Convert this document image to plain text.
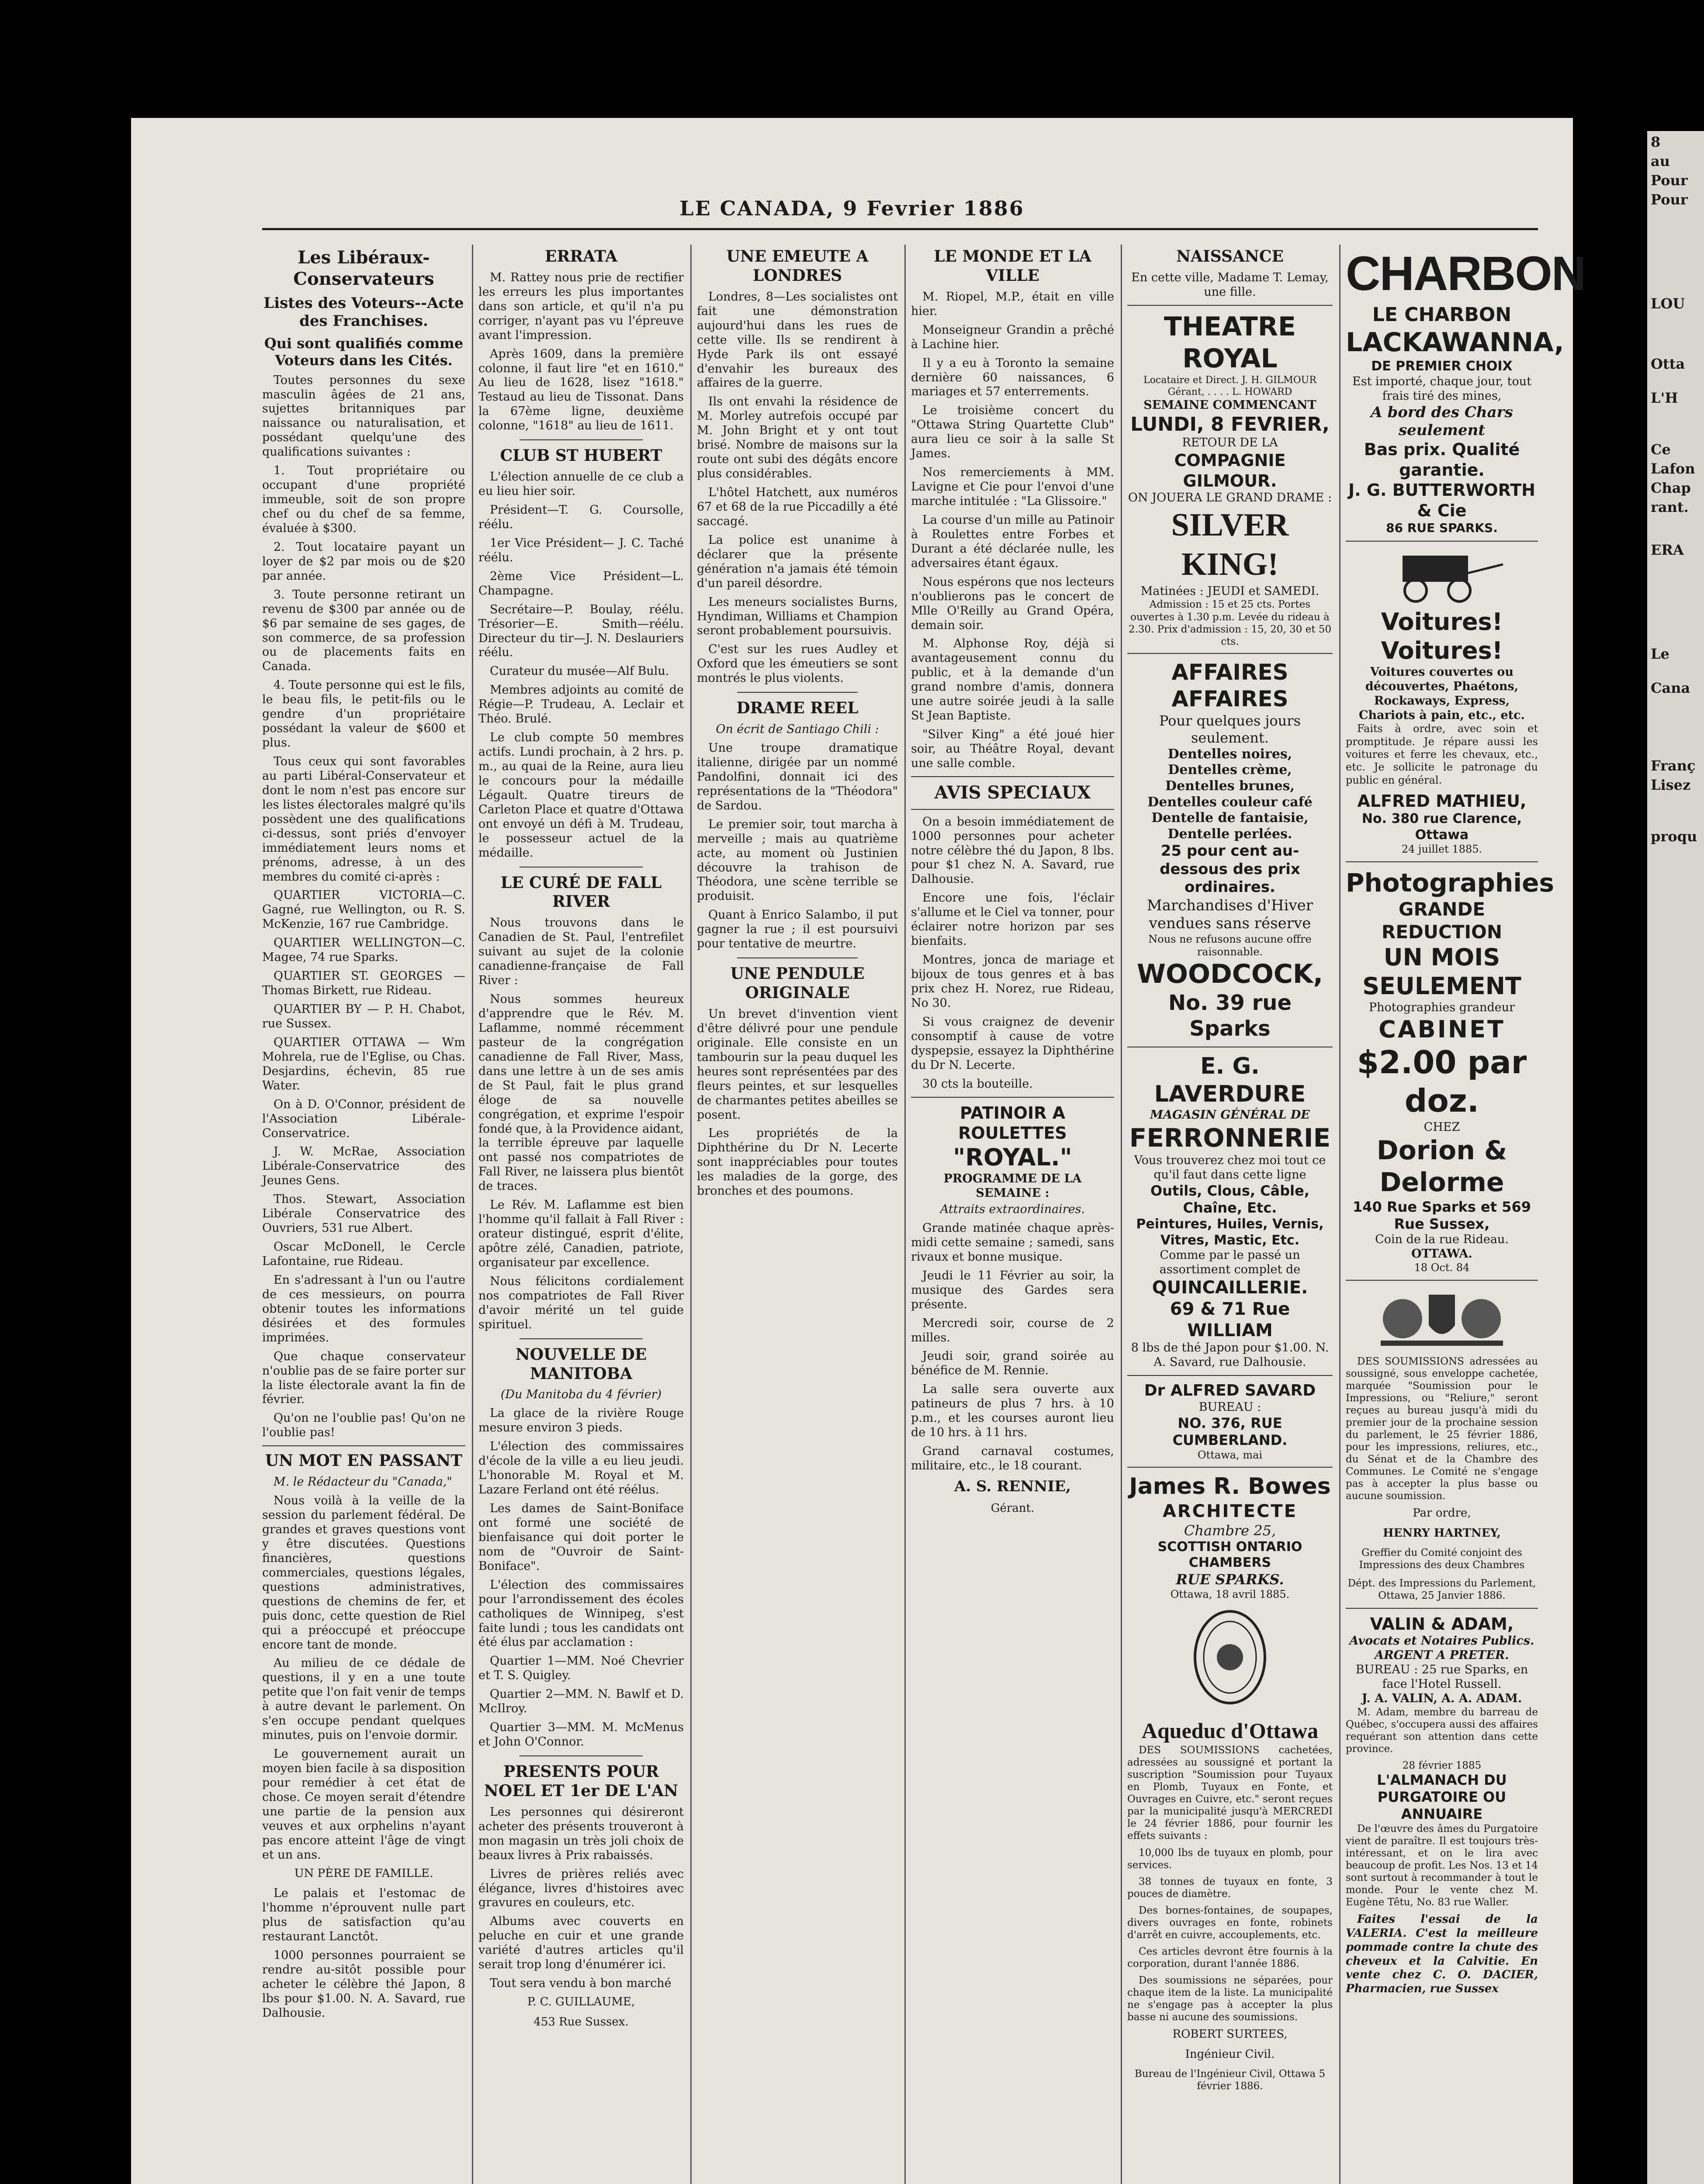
LE CANADA, 9 Fevrier 1886
Les Libéraux-Conservateurs
Listes des Voteurs--Acte des Franchises.
Qui sont qualifiés comme Voteurs dans les Cités.
Toutes personnes du sexe masculin âgées de 21 ans, sujettes britanniques par naissance ou naturalisation, et possédant quelqu'une des qualifications suivantes :
1. Tout propriétaire ou occupant d'une propriété immeuble, soit de son propre chef ou du chef de sa femme, évaluée à $300.
2. Tout locataire payant un loyer de $2 par mois ou de $20 par année.
3. Toute personne retirant un revenu de $300 par année ou de $6 par semaine de ses gages, de son commerce, de sa profession ou de placements faits en Canada.
4. Toute personne qui est le fils, le beau fils, le petit-fils ou le gendre d'un propriétaire possédant la valeur de $600 et plus.
Tous ceux qui sont favorables au parti Libéral-Conservateur et dont le nom n'est pas encore sur les listes électorales malgré qu'ils possèdent une des qualifications ci-dessus, sont priés d'envoyer immédiatement leurs noms et prénoms, adresse, à un des membres du comité ci-après :
QUARTIER VICTORIA—C. Gagné, rue Wellington, ou R. S. McKenzie, 167 rue Cambridge.
QUARTIER WELLINGTON—C. Magee, 74 rue Sparks.
QUARTIER ST. GEORGES — Thomas Birkett, rue Rideau.
QUARTIER BY — P. H. Chabot, rue Sussex.
QUARTIER OTTAWA — Wm Mohrela, rue de l'Eglise, ou Chas. Desjardins, échevin, 85 rue Water.
On à D. O'Connor, président de l'Association Libérale-Conservatrice.
J. W. McRae, Association Libérale-Conservatrice des Jeunes Gens.
Thos. Stewart, Association Libérale Conservatrice des Ouvriers, 531 rue Albert.
Oscar McDonell, le Cercle Lafontaine, rue Rideau.
En s'adressant à l'un ou l'autre de ces messieurs, on pourra obtenir toutes les informations désirées et des formules imprimées.
Que chaque conservateur n'oublie pas de se faire porter sur la liste électorale avant la fin de février.
Qu'on ne l'oublie pas! Qu'on ne l'oublie pas!
UN MOT EN PASSANT
M. le Rédacteur du "Canada,"
Nous voilà à la veille de la session du parlement fédéral. De grandes et graves questions vont y être discutées. Questions financières, questions commerciales, questions légales, questions administratives, questions de chemins de fer, et puis donc, cette question de Riel qui a préoccupé et préoccupe encore tant de monde.
Au milieu de ce dédale de questions, il y en a une toute petite que l'on fait venir de temps à autre devant le parlement. On s'en occupe pendant quelques minutes, puis on l'envoie dormir.
Le gouvernement aurait un moyen bien facile à sa disposition pour remédier à cet état de chose. Ce moyen serait d'étendre une partie de la pension aux veuves et aux orphelins n'ayant pas encore atteint l'âge de vingt et un ans.
UN PÈRE DE FAMILLE.
Le palais et l'estomac de l'homme n'éprouvent nulle part plus de satisfaction qu'au restaurant Lanctôt.
1000 personnes pourraient se rendre au-sitôt possible pour acheter le célèbre thé Japon, 8 lbs pour $1.00. N. A. Savard, rue Dalhousie.
ERRATA
M. Rattey nous prie de rectifier les erreurs les plus importantes dans son article, et qu'il n'a pu corriger, n'ayant pas vu l'épreuve avant l'impression.
Après 1609, dans la première colonne, il faut lire "et en 1610." Au lieu de 1628, lisez "1618." Testaud au lieu de Tissonat. Dans la 67ème ligne, deuxième colonne, "1618" au lieu de 1611.
CLUB ST HUBERT
L'élection annuelle de ce club a eu lieu hier soir.
Président—T. G. Coursolle, réélu.
1er Vice Président— J. C. Taché réélu.
2ème Vice Président—L. Champagne.
Secrétaire—P. Boulay, réélu. Trésorier—E. Smith—réélu. Directeur du tir—J. N. Deslauriers réélu.
Curateur du musée—Alf Bulu.
Membres adjoints au comité de Régie—P. Trudeau, A. Leclair et Théo. Brulé.
Le club compte 50 membres actifs. Lundi prochain, à 2 hrs. p. m., au quai de la Reine, aura lieu le concours pour la médaille Légault. Quatre tireurs de Carleton Place et quatre d'Ottawa ont envoyé un défi à M. Trudeau, le possesseur actuel de la médaille.
LE CURÉ DE FALL RIVER
Nous trouvons dans le Canadien de St. Paul, l'entrefilet suivant au sujet de la colonie canadienne-française de Fall River :
Nous sommes heureux d'apprendre que le Rév. M. Laflamme, nommé récemment pasteur de la congrégation canadienne de Fall River, Mass, dans une lettre à un de ses amis de St Paul, fait le plus grand éloge de sa nouvelle congrégation, et exprime l'espoir fondé que, à la Providence aidant, la terrible épreuve par laquelle ont passé nos compatriotes de Fall River, ne laissera plus bientôt de traces.
Le Rév. M. Laflamme est bien l'homme qu'il fallait à Fall River : orateur distingué, esprit d'élite, apôtre zélé, Canadien, patriote, organisateur par excellence.
Nous félicitons cordialement nos compatriotes de Fall River d'avoir mérité un tel guide spirituel.
NOUVELLE DE MANITOBA
(Du Manitoba du 4 février)
La glace de la rivière Rouge mesure environ 3 pieds.
L'élection des commissaires d'école de la ville a eu lieu jeudi. L'honorable M. Royal et M. Lazare Ferland ont été réélus.
Les dames de Saint-Boniface ont formé une société de bienfaisance qui doit porter le nom de "Ouvroir de Saint-Boniface".
L'élection des commissaires pour l'arrondissement des écoles catholiques de Winnipeg, s'est faite lundi ; tous les candidats ont été élus par acclamation :
Quartier 1—MM. Noé Chevrier et T. S. Quigley.
Quartier 2—MM. N. Bawlf et D. McIlroy.
Quartier 3—MM. M. McMenus et John O'Connor.
PRESENTS POUR NOEL ET 1er DE L'AN
Les personnes qui désireront acheter des présents trouveront à mon magasin un très joli choix de beaux livres à Prix rabaissés.
Livres de prières reliés avec élégance, livres d'histoires avec gravures en couleurs, etc.
Albums avec couverts en peluche en cuir et une grande variété d'autres articles qu'il serait trop long d'énumérer ici.
Tout sera vendu à bon marché
P. C. GUILLAUME,
453 Rue Sussex.
UNE EMEUTE A LONDRES
Londres, 8—Les socialistes ont fait une démonstration aujourd'hui dans les rues de cette ville. Ils se rendirent à Hyde Park ils ont essayé d'envahir les bureaux des affaires de la guerre.
Ils ont envahi la résidence de M. Morley autrefois occupé par M. John Bright et y ont tout brisé. Nombre de maisons sur la route ont subi des dégâts encore plus considérables.
L'hôtel Hatchett, aux numéros 67 et 68 de la rue Piccadilly a été saccagé.
La police est unanime à déclarer que la présente génération n'a jamais été témoin d'un pareil désordre.
Les meneurs socialistes Burns, Hyndiman, Williams et Champion seront probablement poursuivis.
C'est sur les rues Audley et Oxford que les émeutiers se sont montrés le plus violents.
DRAME REEL
On écrit de Santiago Chili :
Une troupe dramatique italienne, dirigée par un nommé Pandolfini, donnait ici des représentations de la "Théodora" de Sardou.
Le premier soir, tout marcha à merveille ; mais au quatrième acte, au moment où Justinien découvre la trahison de Théodora, une scène terrible se produisit.
Quant à Enrico Salambo, il put gagner la rue ; il est poursuivi pour tentative de meurtre.
UNE PENDULE ORIGINALE
Un brevet d'invention vient d'être délivré pour une pendule originale. Elle consiste en un tambourin sur la peau duquel les heures sont représentées par des fleurs peintes, et sur lesquelles de charmantes petites abeilles se posent.
Les propriétés de la Diphthérine du Dr N. Lecerte sont inappréciables pour toutes les maladies de la gorge, des bronches et des poumons.
LE MONDE ET LA VILLE
M. Riopel, M.P., était en ville hier.
Monseigneur Grandin a prêché à Lachine hier.
Il y a eu à Toronto la semaine dernière 60 naissances, 6 mariages et 57 enterrements.
Le troisième concert du "Ottawa String Quartette Club" aura lieu ce soir à la salle St James.
Nos remerciements à MM. Lavigne et Cie pour l'envoi d'une marche intitulée : "La Glissoire."
La course d'un mille au Patinoir à Roulettes entre Forbes et Durant a été déclarée nulle, les adversaires étant égaux.
Nous espérons que nos lecteurs n'oublierons pas le concert de Mlle O'Reilly au Grand Opéra, demain soir.
M. Alphonse Roy, déjà si avantageusement connu du public, et à la demande d'un grand nombre d'amis, donnera une autre soirée jeudi à la salle St Jean Baptiste.
"Silver King" a été joué hier soir, au Théâtre Royal, devant une salle comble.
AVIS SPECIAUX
On a besoin immédiatement de 1000 personnes pour acheter notre célèbre thé du Japon, 8 lbs. pour $1 chez N. A. Savard, rue Dalhousie.
Encore une fois, l'éclair s'allume et le Ciel va tonner, pour éclairer notre horizon par ses bienfaits.
Montres, jonca de mariage et bijoux de tous genres et à bas prix chez H. Norez, rue Rideau, No 30.
Si vous craignez de devenir consomptif à cause de votre dyspepsie, essayez la Diphthérine du Dr N. Lecerte.
30 cts la bouteille.
PATINOIR A ROULETTES
"ROYAL."
PROGRAMME DE LA SEMAINE :
Attraits extraordinaires.
Grande matinée chaque après-midi cette semaine ; samedi, sans rivaux et bonne musique.
Jeudi le 11 Février au soir, la musique des Gardes sera présente.
Mercredi soir, course de 2 milles.
Jeudi soir, grand soirée au bénéfice de M. Rennie.
La salle sera ouverte aux patineurs de plus 7 hrs. à 10 p.m., et les courses auront lieu de 10 hrs. à 11 hrs.
Grand carnaval costumes, militaire, etc., le 18 courant.
A. S. RENNIE,
Gérant.
NAISSANCE
En cette ville, Madame T. Lemay, une fille.
THEATRE ROYAL
Locataire et Direct. J. H. GILMOUR Gérant, . . . . L. HOWARD
SEMAINE COMMENCANT
LUNDI, 8 FEVRIER,
RETOUR DE LA
COMPAGNIE GILMOUR.
ON JOUERA LE GRAND DRAME :
SILVER KING!
Matinées : JEUDI et SAMEDI.
Admission : 15 et 25 cts. Portes ouvertes à 1.30 p.m. Levée du rideau à 2.30. Prix d'admission : 15, 20, 30 et 50 cts.
AFFAIRES AFFAIRES
Pour quelques jours seulement.
Dentelles noires,
Dentelles crème,
Dentelles brunes,
Dentelles couleur café
Dentelle de fantaisie,
Dentelle perlées.
25 pour cent au-dessous des prix ordinaires.
Marchandises d'Hiver vendues sans réserve
Nous ne refusons aucune offre raisonnable.
WOODCOCK,
No. 39 rue Sparks
E. G. LAVERDURE
MAGASIN GÉNÉRAL DE
FERRONNERIE
Vous trouverez chez moi tout ce qu'il faut dans cette ligne
Outils, Clous, Câble, Chaîne, Etc.
Peintures, Huiles, Vernis, Vitres, Mastic, Etc.
Comme par le passé un assortiment complet de
QUINCAILLERIE.
69 & 71 Rue WILLIAM
8 lbs de thé Japon pour $1.00. N. A. Savard, rue Dalhousie.
Dr ALFRED SAVARD
BUREAU :
NO. 376, RUE CUMBERLAND.
Ottawa, mai
James R. Bowes
ARCHITECTE
Chambre 25,
SCOTTISH ONTARIO CHAMBERS
RUE SPARKS.
Ottawa, 18 avril 1885.
Aqueduc d'Ottawa
DES SOUMISSIONS cachetées, adressées au soussigné et portant la suscription "Soumission pour Tuyaux en Plomb, Tuyaux en Fonte, et Ouvrages en Cuivre, etc." seront reçues par la municipalité jusqu'à MERCREDI le 24 février 1886, pour fournir les effets suivants :
10,000 lbs de tuyaux en plomb, pour services.
38 tonnes de tuyaux en fonte, 3 pouces de diamètre.
Des bornes-fontaines, de soupapes, divers ouvrages en fonte, robinets d'arrêt en cuivre, accouplements, etc.
Ces articles devront être fournis à la corporation, durant l'année 1886.
Des soumissions ne séparées, pour chaque item de la liste. La municipalité ne s'engage pas à accepter la plus basse ni aucune des soumissions.
ROBERT SURTEES,
Ingénieur Civil.
Bureau de l'Ingénieur Civil, Ottawa 5 février 1886.
CHARBON
LE CHARBON
LACKAWANNA,
DE PREMIER CHOIX
Est importé, chaque jour, tout frais tiré des mines,
A bord des Chars seulement
Bas prix. Qualité garantie.
J. G. BUTTERWORTH & Cie
86 RUE SPARKS.
Voitures! Voitures!
Voitures couvertes ou découvertes, Phaétons, Rockaways, Express, Chariots à pain, etc., etc.
Faits à ordre, avec soin et promptitude. Je répare aussi les voitures et ferre les chevaux, etc., etc. Je sollicite le patronage du public en général.
ALFRED MATHIEU,
No. 380 rue Clarence, Ottawa
24 juillet 1885.
Photographies
GRANDE REDUCTION
UN MOIS SEULEMENT
Photographies grandeur
CABINET
$2.00 par doz.
CHEZ
Dorion & Delorme
140 Rue Sparks et 569 Rue Sussex,
Coin de la rue Rideau.
OTTAWA.
18 Oct. 84
DES SOUMISSIONS adressées au soussigné, sous enveloppe cachetée, marquée "Soumission pour le Impressions, ou "Reliure," seront reçues au bureau jusqu'à midi du premier jour de la prochaine session du parlement, le 25 février 1886, pour les impressions, reliures, etc., du Sénat et de la Chambre des Communes. Le Comité ne s'engage pas à accepter la plus basse ou aucune soumission.
Par ordre,
HENRY HARTNEY,
Greffier du Comité conjoint des Impressions des deux Chambres
Dépt. des Impressions du Parlement, Ottawa, 25 Janvier 1886.
VALIN & ADAM,
Avocats et Notaires Publics.
ARGENT A PRETER.
BUREAU : 25 rue Sparks, en face l'Hotel Russell.
J. A. VALIN, A. A. ADAM.
M. Adam, membre du barreau de Québec, s'occupera aussi des affaires requérant son attention dans cette province.
28 février 1885
L'ALMANACH DU PURGATOIRE OU ANNUAIRE
De l'œuvre des âmes du Purgatoire vient de paraître. Il est toujours très-intéressant, et on le lira avec beaucoup de profit. Les Nos. 13 et 14 sont surtout à recommander à tout le monde. Pour le vente chez M. Eugène Têtu, No. 83 rue Waller.
Faites l'essai de la VALERIA. C'est la meilleure pommade contre la chute des cheveux et la Calvitie. En vente chez C. O. DACIER, Pharmacien, rue Sussex
8
au
Pour
Pour
LOU
Otta
L'H
Ce
Lafon
Chap
rant.
ERA
Le
Cana
Franç
Lisez
proqu
